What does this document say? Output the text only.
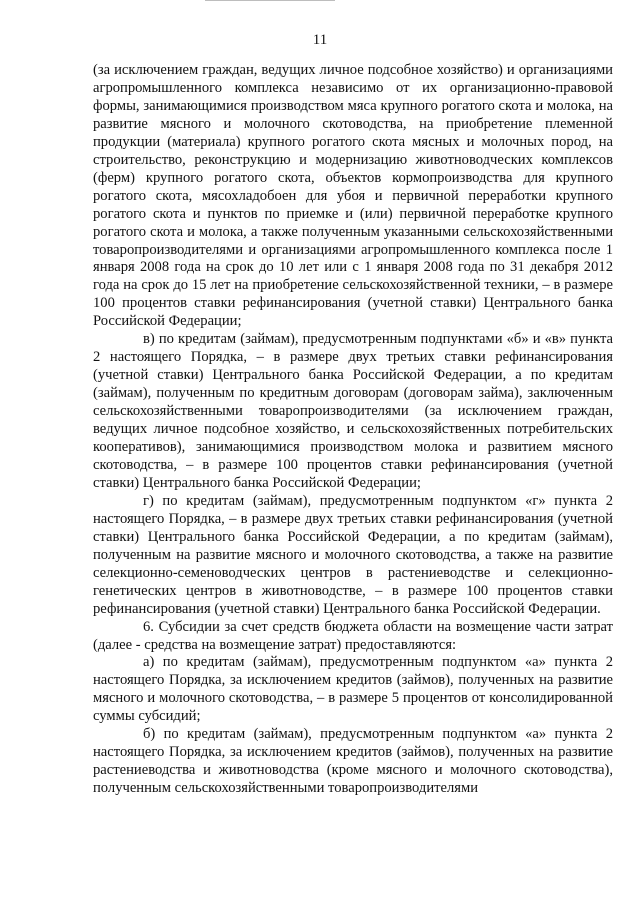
11

(за исключением граждан, ведущих личное подсобное хозяйство) и организациями агропромышленного комплекса независимо от их организационно-правовой формы, занимающимися производством мяса крупного рогатого скота и молока, на развитие мясного и молочного скотоводства, на приобретение племенной продукции (материала) крупного рогатого скота мясных и молочных пород, на строительство, реконструкцию и модернизацию животноводческих комплексов (ферм) крупного рогатого скота, объектов кормопроизводства для крупного рогатого скота, мясохладобоен для убоя и первичной переработки крупного рогатого скота и пунктов по приемке и (или) первичной переработке крупного рогатого скота и молока, а также полученным указанными сельскохозяйственными товаропроизводителями и организациями агропромышленного комплекса после 1 января 2008 года на срок до 10 лет или с 1 января 2008 года по 31 декабря 2012 года на срок до 15 лет на приобретение сельскохозяйственной техники, – в размере 100 процентов ставки рефинансирования (учетной ставки) Центрального банка Российской Федерации;

в) по кредитам (займам), предусмотренным подпунктами «б» и «в» пункта 2 настоящего Порядка, – в размере двух третьих ставки рефинансирования (учетной ставки) Центрального банка Российской Федерации, а по кредитам (займам), полученным по кредитным договорам (договорам займа), заключенным сельскохозяйственными товаропроизводителями (за исключением граждан, ведущих личное подсобное хозяйство, и сельскохозяйственных потребительских кооперативов), занимающимися производством молока и развитием мясного скотоводства, – в размере 100 процентов ставки рефинансирования (учетной ставки) Центрального банка Российской Федерации;

г) по кредитам (займам), предусмотренным подпунктом «г» пункта 2 настоящего Порядка, – в размере двух третьих ставки рефинансирования (учетной ставки) Центрального банка Российской Федерации, а по кредитам (займам), полученным на развитие мясного и молочного скотоводства, а также на развитие селекционно-семеноводческих центров в растениеводстве и селекционно-генетических центров в животноводстве, – в размере 100 процентов ставки рефинансирования (учетной ставки) Центрального банка Российской Федерации.

6. Субсидии за счет средств бюджета области на возмещение части затрат (далее - средства на возмещение затрат) предоставляются:

а) по кредитам (займам), предусмотренным подпунктом «а» пункта 2 настоящего Порядка, за исключением кредитов (займов), полученных на развитие мясного и молочного скотоводства, – в размере 5 процентов от консолидированной суммы субсидий;

б) по кредитам (займам), предусмотренным подпунктом «а» пункта 2 настоящего Порядка, за исключением кредитов (займов), полученных на развитие растениеводства и животноводства (кроме мясного и молочного скотоводства), полученным сельскохозяйственными товаропроизводителями
